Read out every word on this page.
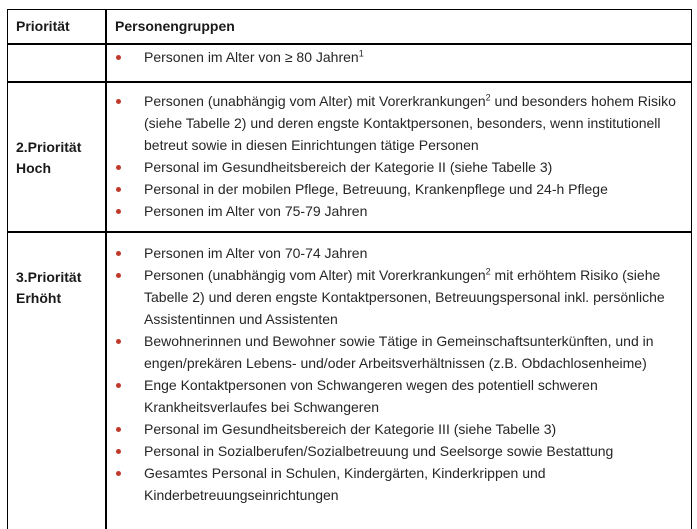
Priorität	Personengruppen
Personen im Alter von ≥ 80 Jahren$^1$
2.Priorität
Hoch
Personen (unabhängig vom Alter) mit Vorerkrankungen$^2$ und besonders hohem Risiko (siehe Tabelle 2) und deren engste Kontaktpersonen, besonders, wenn institutionell betreut sowie in diesen Einrichtungen tätige Personen
Personal im Gesundheitsbereich der Kategorie II (siehe Tabelle 3)
Personal in der mobilen Pflege, Betreuung, Krankenpflege und 24-h Pflege
Personen im Alter von 75-79 Jahren
3.Priorität
Erhöht
Personen im Alter von 70-74 Jahren
Personen (unabhängig vom Alter) mit Vorerkrankungen$^2$ mit erhöhtem Risiko (siehe Tabelle 2) und deren engste Kontaktpersonen, Betreuungspersonal inkl. persönliche Assistentinnen und Assistenten
Bewohnerinnen und Bewohner sowie Tätige in Gemeinschaftsunterkünften, und in engen/prekären Lebens- und/oder Arbeitsverhältnissen (z.B. Obdachlosenheime)
Enge Kontaktpersonen von Schwangeren wegen des potentiell schweren Krankheitsverlaufes bei Schwangeren
Personal im Gesundheitsbereich der Kategorie III (siehe Tabelle 3)
Personal in Sozialberufen/Sozialbetreuung und Seelsorge sowie Bestattung
Gesamtes Personal in Schulen, Kindergärten, Kinderkrippen und Kinderbetreuungseinrichtungen
